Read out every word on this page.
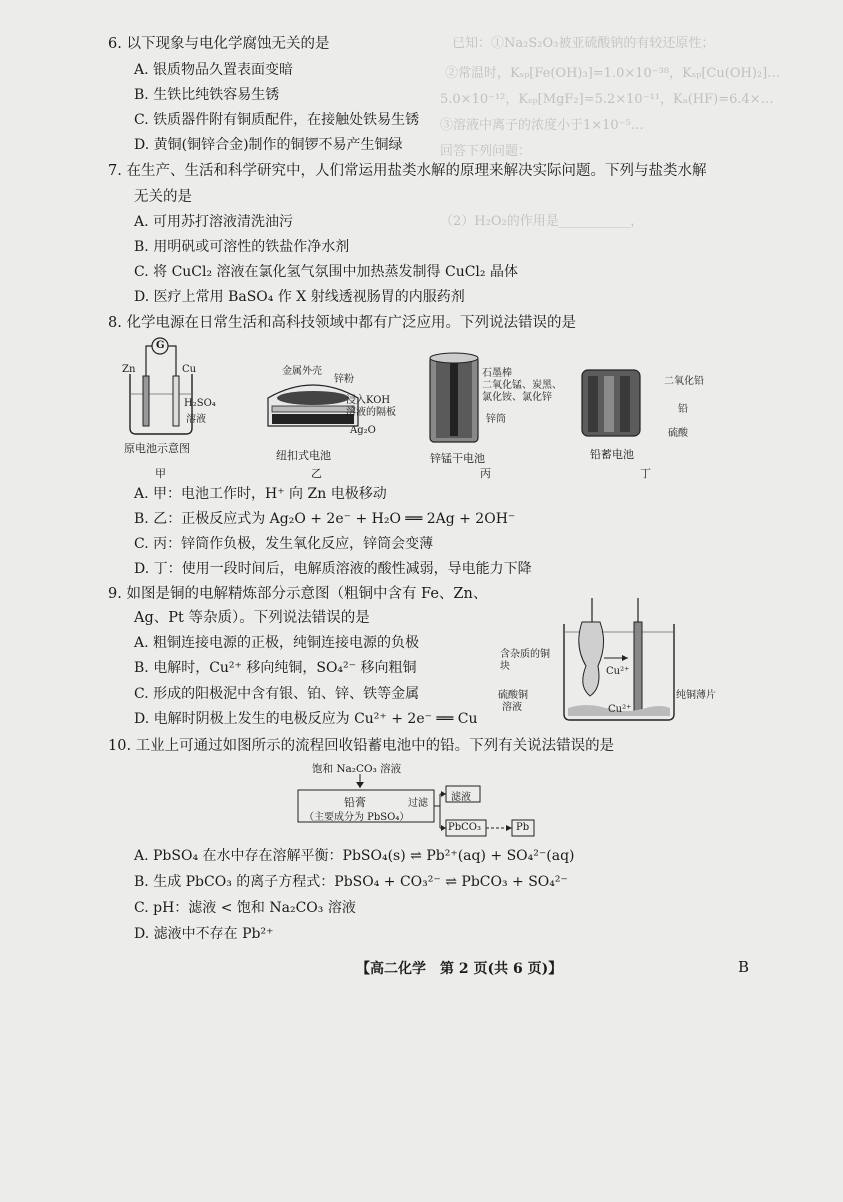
已知：①Na₂S₂O₃被亚硫酸钠的有较还原性；
②常温时，Kₛₚ[Fe(OH)₃]=1.0×10⁻³⁸，Kₛₚ[Cu(OH)₂]…
5.0×10⁻¹²，Kₛₚ[MgF₂]=5.2×10⁻¹¹，Kₐ(HF)=6.4×…
③溶液中离子的浓度小于1×10⁻⁵…
回答下列问题：
（2）H₂O₂的作用是___________，
6. 以下现象与电化学腐蚀无关的是
A. 银质物品久置表面变暗
B. 生铁比纯铁容易生锈
C. 铁质器件附有铜质配件，在接触处铁易生锈
D. 黄铜(铜锌合金)制作的铜锣不易产生铜绿
7. 在生产、生活和科学研究中，人们常运用盐类水解的原理来解决实际问题。下列与盐类水解
无关的是
A. 可用苏打溶液清洗油污
B. 用明矾或可溶性的铁盐作净水剂
C. 将 CuCl₂ 溶液在氯化氢气氛围中加热蒸发制得 CuCl₂ 晶体
D. 医疗上常用 BaSO₄ 作 X 射线透视肠胃的内服药剂
8. 化学电源在日常生活和高科技领域中都有广泛应用。下列说法错误的是
G
Zn	Cu
H₂SO₄
溶液
原电池示意图
甲
金属外壳
锌粉
浸入KOH
溶液的隔板
Ag₂O
纽扣式电池
乙
石墨棒
二氧化锰、炭黑、
氯化铵、氯化锌
锌筒
锌锰干电池
丙
二氧化铅
铅
硫酸
铅蓄电池
丁
A. 甲：电池工作时，H⁺ 向 Zn 电极移动
B. 乙：正极反应式为 Ag₂O + 2e⁻ + H₂O ══ 2Ag + 2OH⁻
C. 丙：锌筒作负极，发生氧化反应，锌筒会变薄
D. 丁：使用一段时间后，电解质溶液的酸性减弱，导电能力下降
9. 如图是铜的电解精炼部分示意图（粗铜中含有 Fe、Zn、
Ag、Pt 等杂质）。下列说法错误的是
A. 粗铜连接电源的正极，纯铜连接电源的负极
B. 电解时，Cu²⁺ 移向纯铜，SO₄²⁻ 移向粗铜
C. 形成的阳极泥中含有银、铂、锌、铁等金属
D. 电解时阴极上发生的电极反应为 Cu²⁺ + 2e⁻ ══ Cu
含杂质的铜
块	Cu²⁺
硫酸铜
溶液
纯铜薄片
Cu²⁺
10. 工业上可通过如图所示的流程回收铅蓄电池中的铅。下列有关说法错误的是
饱和 Na₂CO₃ 溶液
铅膏
（主要成分为 PbSO₄）
过滤
滤液
PbCO₃	Pb
A. PbSO₄ 在水中存在溶解平衡：PbSO₄(s) ⇌ Pb²⁺(aq) + SO₄²⁻(aq)
B. 生成 PbCO₃ 的离子方程式：PbSO₄ + CO₃²⁻ ⇌ PbCO₃ + SO₄²⁻
C. pH：滤液 < 饱和 Na₂CO₃ 溶液
D. 滤液中不存在 Pb²⁺
【高二化学　第 2 页(共 6 页)】	B
